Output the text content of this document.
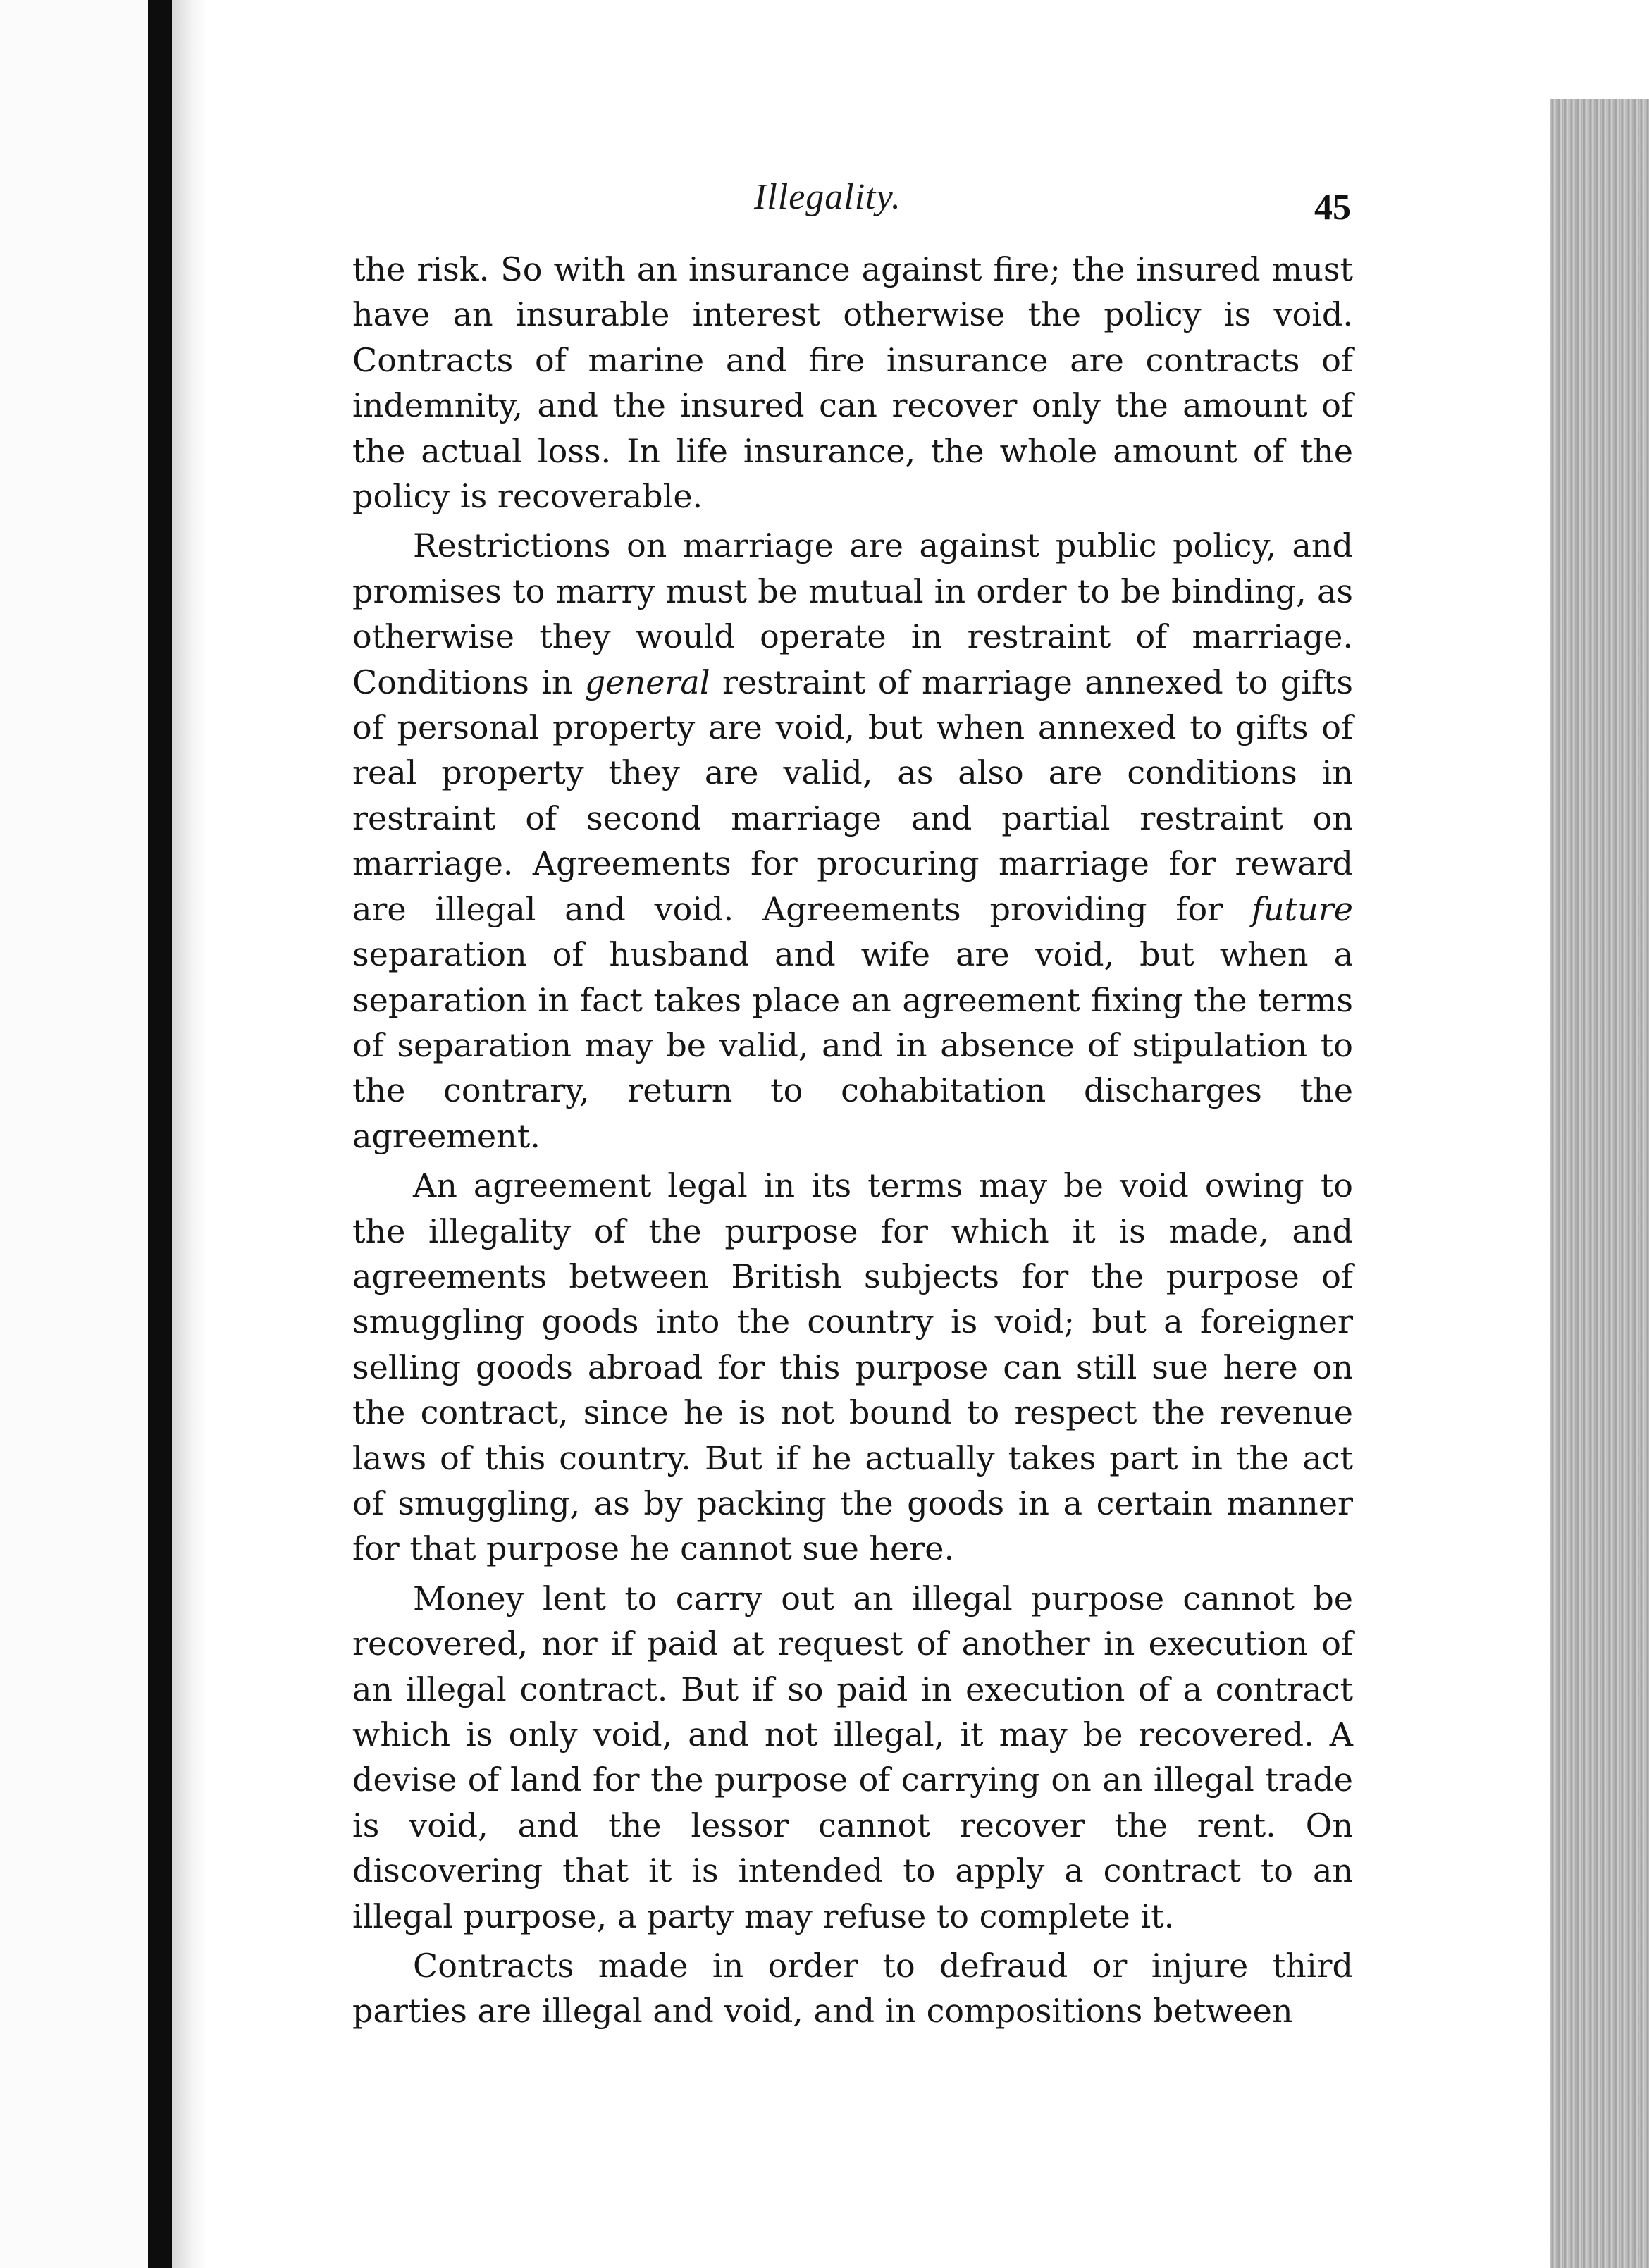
Illegality.	45

the risk. So with an insurance against fire; the insured must have an insurable interest otherwise the policy is void. Contracts of marine and fire insurance are contracts of indemnity, and the insured can recover only the amount of the actual loss. In life insurance, the whole amount of the policy is recoverable.

Restrictions on marriage are against public policy, and promises to marry must be mutual in order to be binding, as otherwise they would operate in restraint of marriage. Conditions in general restraint of marriage annexed to gifts of personal property are void, but when annexed to gifts of real property they are valid, as also are conditions in restraint of second marriage and partial restraint on marriage. Agreements for procuring marriage for reward are illegal and void. Agreements providing for future separation of husband and wife are void, but when a separation in fact takes place an agreement fixing the terms of separation may be valid, and in absence of stipulation to the contrary, return to cohabitation discharges the agreement.

An agreement legal in its terms may be void owing to the illegality of the purpose for which it is made, and agreements between British subjects for the purpose of smuggling goods into the country is void; but a foreigner selling goods abroad for this purpose can still sue here on the contract, since he is not bound to respect the revenue laws of this country. But if he actually takes part in the act of smuggling, as by packing the goods in a certain manner for that purpose he cannot sue here.

Money lent to carry out an illegal purpose cannot be recovered, nor if paid at request of another in execution of an illegal contract. But if so paid in execution of a contract which is only void, and not illegal, it may be recovered. A devise of land for the purpose of carrying on an illegal trade is void, and the lessor cannot recover the rent. On discovering that it is intended to apply a contract to an illegal purpose, a party may refuse to complete it.

Contracts made in order to defraud or injure third parties are illegal and void, and in compositions between
